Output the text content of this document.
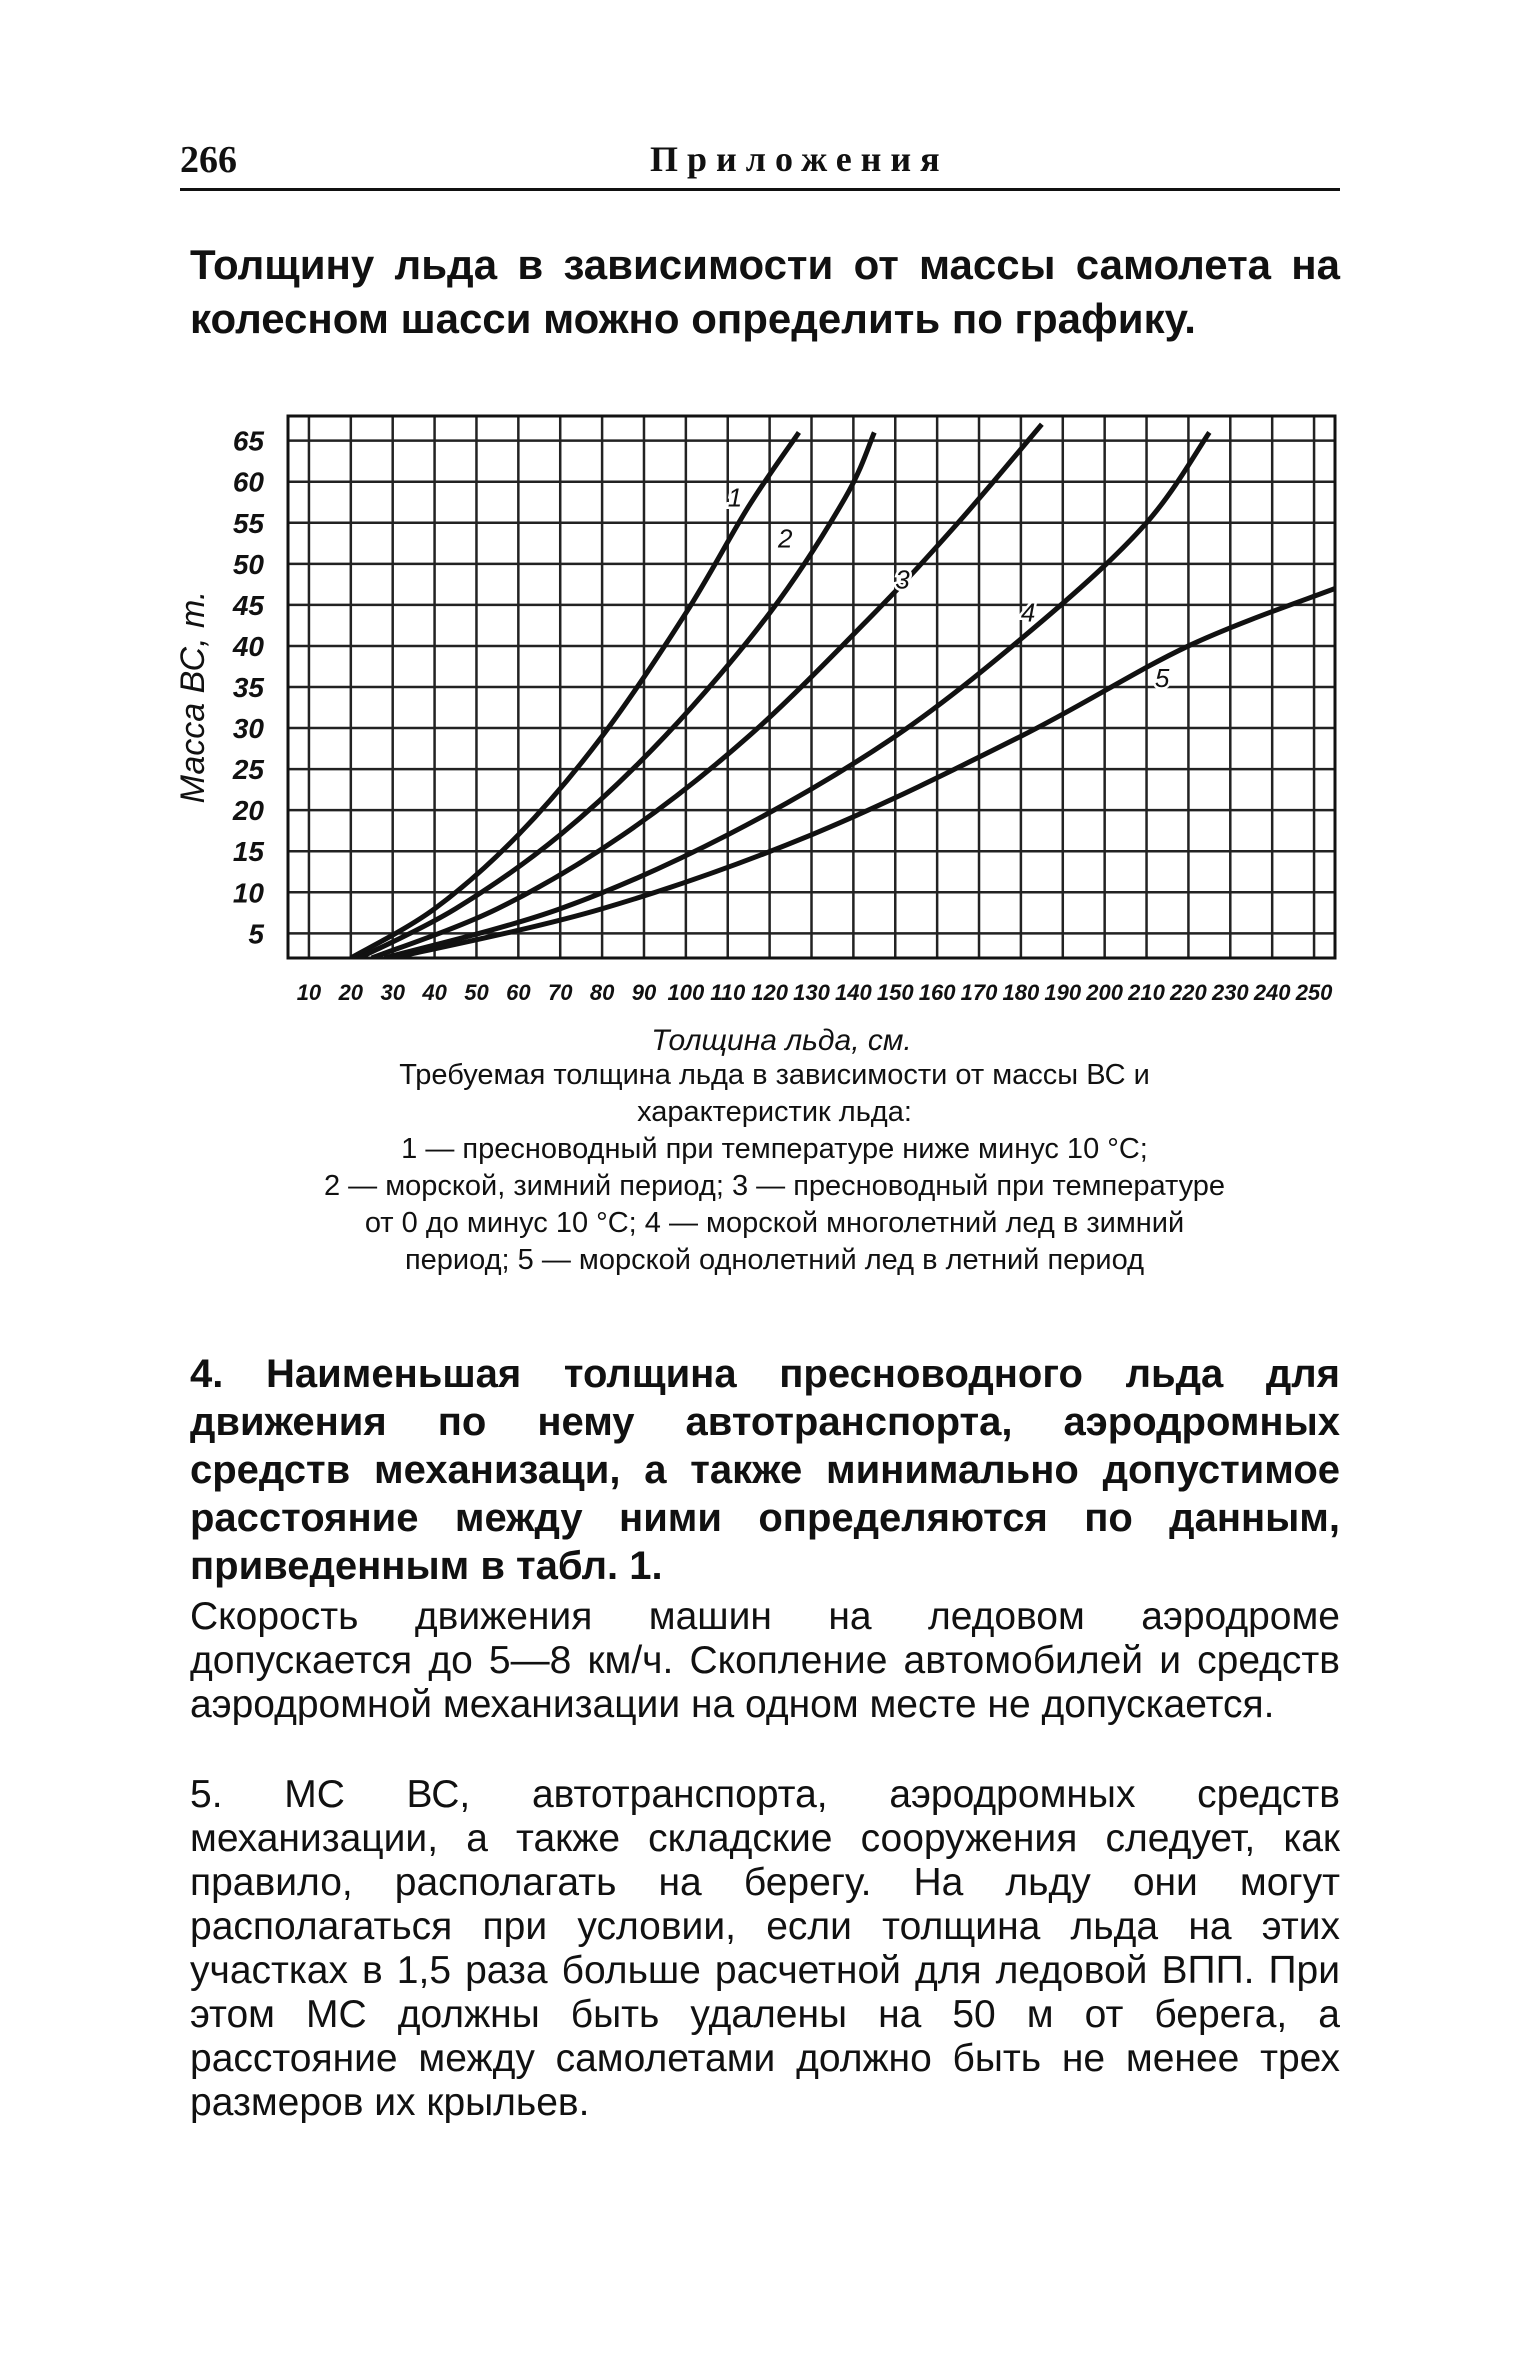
266	Приложения
Толщину льда в зависимости от массы самолета на колесном шасси можно определить по графику.
10 20 30 40 50 60 70 80 90 100 110 120 130 140 150 160 170 180 190 200 210 220 230 240 250
65
60
55
50
45
40
35
30
25
20
15
10
5
Толщина льда, см.
Масса ВС, т.
1
2
3
4
5

Требуемая толщина льда в зависимости от массы ВС и

характеристик льда:

1 — пресноводный при температуре ниже минус 10 °С;

2 — морской, зимний период; 3 — пресноводный при температуре

от 0 до минус 10 °С; 4 — морской многолетний лед в зимний

период; 5 — морской однолетний лед в летний период

4. Наименьшая толщина пресноводного льда для движения по нему автотранспорта, аэродромных средств механизаци, а также минимально допустимое расстояние между ними определяются по данным, приведенным в табл. 1.

Скорость движения машин на ледовом аэродроме допускается до 5—8 км/ч. Скопление автомобилей и средств аэродромной механизации на одном месте не допускается.

5. МС ВС, автотранспорта, аэродромных средств механизации, а также складские сооружения следует, как правило, располагать на берегу. На льду они могут располагаться при условии, если толщина льда на этих участках в 1,5 раза больше расчетной для ледовой ВПП. При этом МС должны быть удалены на 50 м от берега, а расстояние между самолетами должно быть не менее трех размеров их крыльев.
